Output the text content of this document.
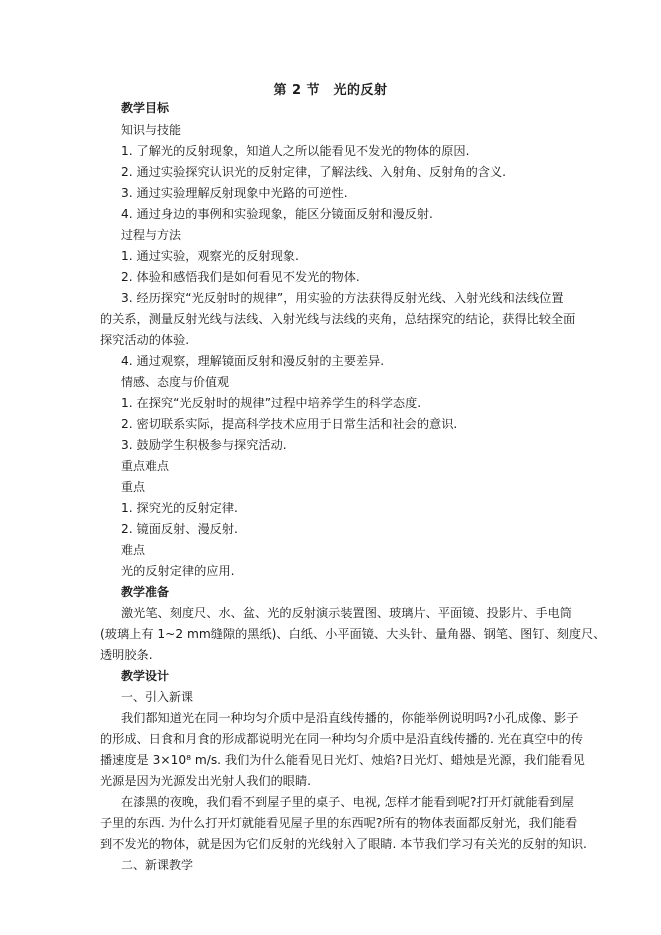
第 2 节　光的反射
教学目标
知识与技能
1. 了解光的反射现象，知道人之所以能看见不发光的物体的原因.
2. 通过实验探究认识光的反射定律，了解法线、入射角、反射角的含义.
3. 通过实验理解反射现象中光路的可逆性.
4. 通过身边的事例和实验现象，能区分镜面反射和漫反射.
过程与方法
1. 通过实验，观察光的反射现象.
2. 体验和感悟我们是如何看见不发光的物体.
3. 经历探究“光反射时的规律”，用实验的方法获得反射光线、入射光线和法线位置
的关系，测量反射光线与法线、入射光线与法线的夹角，总结探究的结论，获得比较全面
探究活动的体验.
4. 通过观察，理解镜面反射和漫反射的主要差异.
情感、态度与价值观
1. 在探究“光反射时的规律”过程中培养学生的科学态度.
2. 密切联系实际，提高科学技术应用于日常生活和社会的意识.
3. 鼓励学生积极参与探究活动.
重点难点
重点
1. 探究光的反射定律.
2. 镜面反射、漫反射.
难点
光的反射定律的应用.
教学准备
激光笔、刻度尺、水、盆、光的反射演示装置图、玻璃片、平面镜、投影片、手电筒
(玻璃上有 1~2 mm缝隙的黑纸)、白纸、小平面镜、大头针、量角器、钢笔、图钉、刻度尺、
透明胶条.
教学设计
一、引入新课
我们都知道光在同一种均匀介质中是沿直线传播的，你能举例说明吗?小孔成像、影子
的形成、日食和月食的形成都说明光在同一种均匀介质中是沿直线传播的. 光在真空中的传
播速度是 3×10⁸ m/s. 我们为什么能看见日光灯、烛焰?日光灯、蜡烛是光源，我们能看见
光源是因为光源发出光射人我们的眼睛.
在漆黑的夜晚，我们看不到屋子里的桌子、电视, 怎样才能看到呢?打开灯就能看到屋
子里的东西. 为什么打开灯就能看见屋子里的东西呢?所有的物体表面都反射光，我们能看
到不发光的物体，就是因为它们反射的光线射入了眼睛. 本节我们学习有关光的反射的知识.
二、新课教学
